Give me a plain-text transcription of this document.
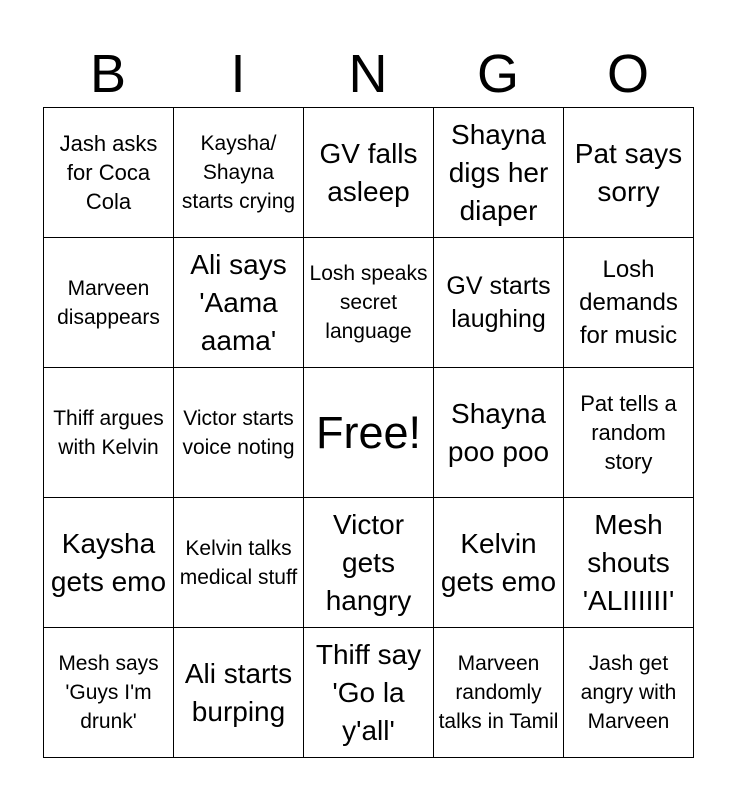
B	I	N	G	O
Jash asks for Coca Cola	Kaysha/ Shayna starts crying	GV falls asleep	Shayna digs her diaper	Pat says sorry

Marveen disappears	Ali says 'Aama aama'	Losh speaks secret language	GV starts laughing	Losh demands for music

Thiff argues with Kelvin	Victor starts voice noting	Free!	Shayna poo poo	Pat tells a random story

Kaysha gets emo	Kelvin talks medical stuff	Victor gets hangry	Kelvin gets emo	Mesh shouts 'ALIIIIII'

Mesh says 'Guys I'm drunk'	Ali starts burping	Thiff say 'Go la y'all'	Marveen randomly talks in Tamil	Jash get angry with Marveen
